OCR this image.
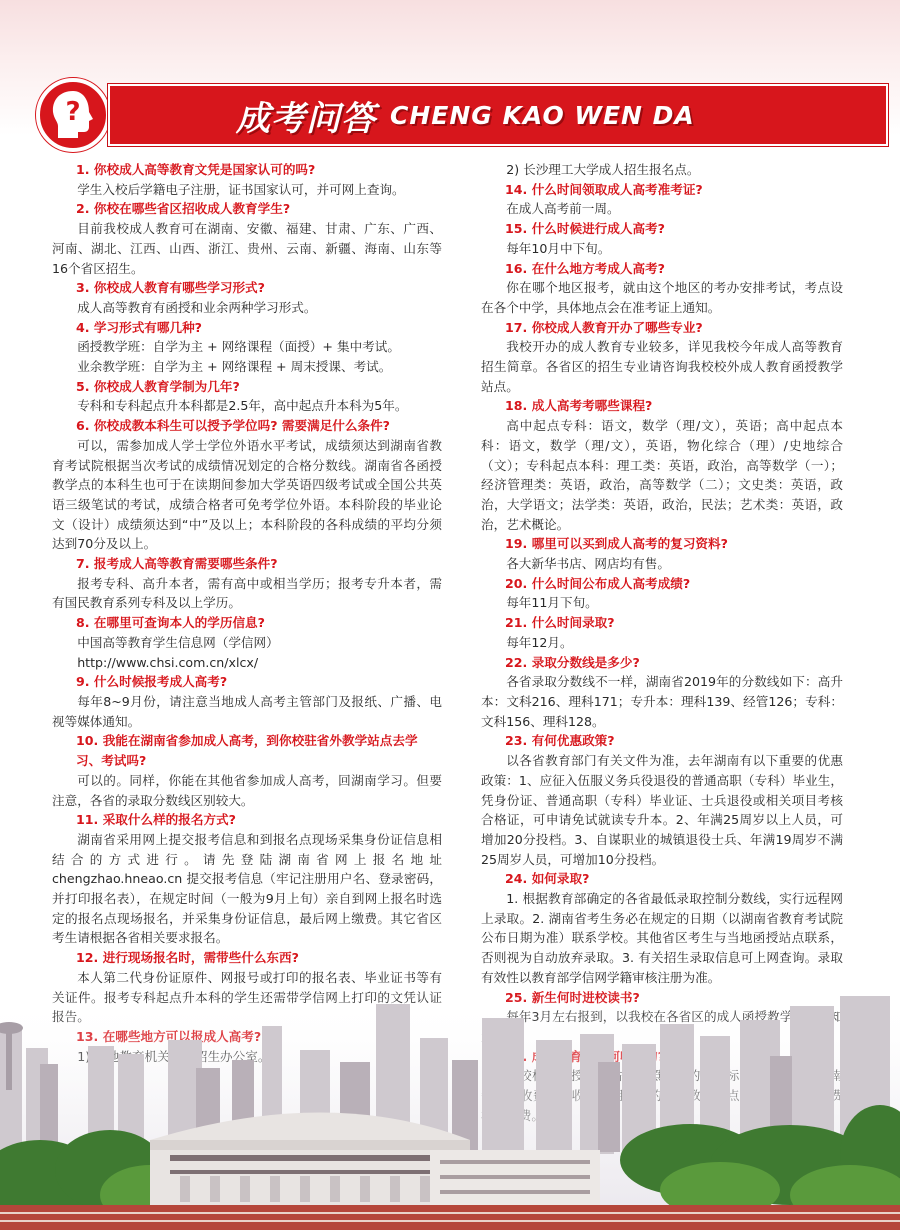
?	成考问答 CHENG KAO WEN DA
1. 你校成人高等教育文凭是国家认可的吗?
学生入校后学籍电子注册，证书国家认可，并可网上查询。
2. 你校在哪些省区招收成人教育学生?
目前我校成人教育可在湖南、安徽、福建、甘肃、广东、广西、河南、湖北、江西、山西、浙江、贵州、云南、新疆、海南、山东等16个省区招生。
3. 你校成人教育有哪些学习形式?
成人高等教育有函授和业余两种学习形式。
4. 学习形式有哪几种?
函授教学班：自学为主 + 网络课程（面授）+ 集中考试。
业余教学班：自学为主 + 网络课程 + 周末授课、考试。
5. 你校成人教育学制为几年?
专科和专科起点升本科都是2.5年，高中起点升本科为5年。
6. 你校成教本科生可以授予学位吗? 需要满足什么条件?
可以，需参加成人学士学位外语水平考试，成绩须达到湖南省教育考试院根据当次考试的成绩情况划定的合格分数线。湖南省各函授教学点的本科生也可于在读期间参加大学英语四级考试或全国公共英语三级笔试的考试，成绩合格者可免考学位外语。本科阶段的毕业论文（设计）成绩须达到“中”及以上；本科阶段的各科成绩的平均分须达到70分及以上。
7. 报考成人高等教育需要哪些条件?
报考专科、高升本者，需有高中或相当学历；报考专升本者，需有国民教育系列专科及以上学历。
8. 在哪里可查询本人的学历信息?
中国高等教育学生信息网（学信网）
http://www.chsi.com.cn/xlcx/
9. 什么时候报考成人高考?
每年8~9月份，请注意当地成人高考主管部门及报纸、广播、电视等媒体通知。
10. 我能在湖南省参加成人高考，到你校驻省外教学站点去学习、考试吗?
可以的。同样，你能在其他省参加成人高考，回湖南学习。但要注意，各省的录取分数线区别较大。
11. 采取什么样的报名方式?
湖南省采用网上提交报考信息和到报名点现场采集身份证信息相结合的方式进行。请先登陆湖南省网上报名地址chengzhao.hneao.cn 提交报考信息（牢记注册用户名、登录密码，并打印报名表），在规定时间（一般为9月上旬）亲自到网上报名时选定的报名点现场报名，并采集身份证信息，最后网上缴费。其它省区考生请根据各省相关要求报名。
12. 进行现场报名时，需带些什么东西?
本人第二代身份证原件、网报号或打印的报名表、毕业证书等有
2) 长沙理工大学成人招生报名点。
14. 什么时间领取成人高考准考证?
在成人高考前一周。
15. 什么时候进行成人高考?
每年10月中下旬。
16. 在什么地方考成人高考?
你在哪个地区报考，就由这个地区的考办安排考试，考点设在各个中学，具体地点会在准考证上通知。
17. 你校成人教育开办了哪些专业?
我校开办的成人教育专业较多，详见我校今年成人高等教育招生简章。各省区的招生专业请咨询我校校外成人教育函授教学站点。
18. 成人高考考哪些课程?
高中起点专科：语文，数学（理/文），英语；高中起点本科：语文，数学（理/文），英语，物化综合（理）/史地综合（文）；专科起点本科：理工类：英语，政治，高等数学（一）；经济管理类：英语，政治，高等数学（二）；文史类：英语，政治，大学语文；法学类：英语，政治，民法；艺术类：英语，政治，艺术概论。
19. 哪里可以买到成人高考的复习资料?
各大新华书店、网店均有售。
20. 什么时间公布成人高考成绩?
每年11月下旬。
21. 什么时间录取?
每年12月。
22. 录取分数线是多少?
各省录取分数线不一样，湖南省2019年的分数线如下：高升本：文科216、理科171；专升本：理科139、经管126；专科：文科156、理科128。
23. 有何优惠政策?
以各省教育部门有关文件为准，去年湖南有以下重要的优惠政策：1、应征入伍服义务兵役退役的普通高职（专科）毕业生，凭身份证、普通高职（专科）毕业证、士兵退役或相关项目考核合格证，可申请免试就读专升本。2、年满25周岁以上人员，可增加20分投档。3、自谋职业的城镇退役士兵、年满19周岁不满25周岁人员，可增加10分投档。
24. 如何录取?
1. 根据教育部确定的各省最低录取控制分数线，实行远程网上录取。2. 湖南省考生务必在规定的日期（以湖南省教育考试院公布日期为准）联系学校。其他省区考生与当地函授站点联系，否则视为自动放弃录取。3. 有关招生录取信息可上网查询。录取有效性以教育部学信网学籍审核注册为准。
